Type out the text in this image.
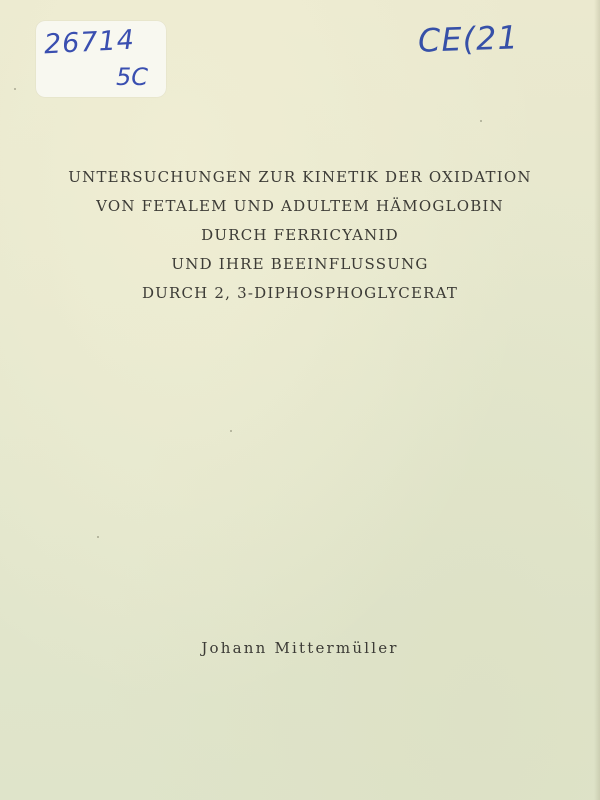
26714
5C
CE(21
UNTERSUCHUNGEN ZUR KINETIK DER OXIDATION
VON FETALEM UND ADULTEM HÄMOGLOBIN
DURCH FERRICYANID
UND IHRE BEEINFLUSSUNG
DURCH 2, 3-DIPHOSPHOGLYCERAT
Johann Mittermüller
